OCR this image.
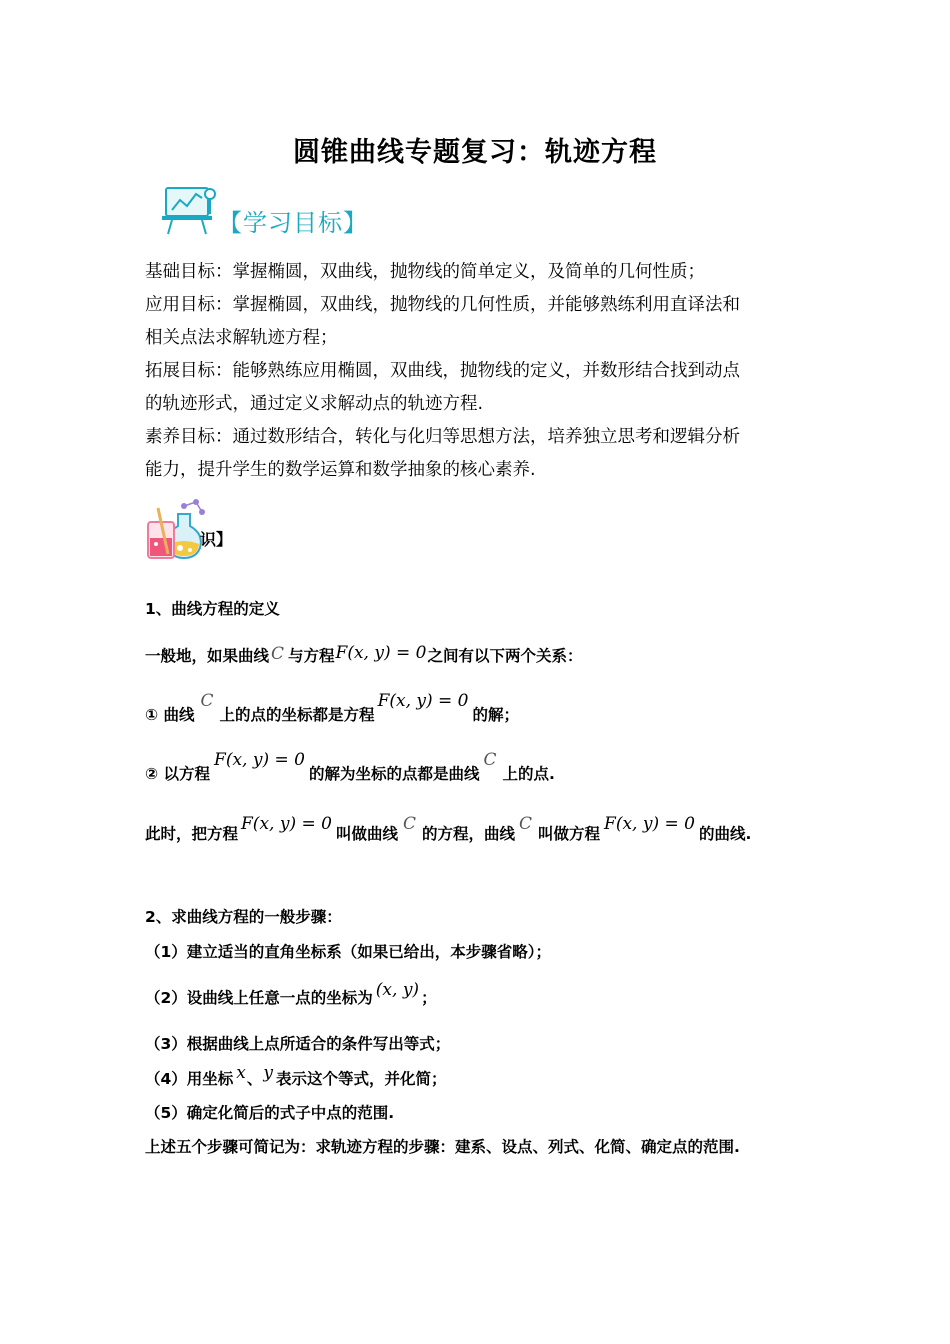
圆锥曲线专题复习：轨迹方程
【学习目标】
基础目标：掌握椭圆，双曲线，抛物线的简单定义，及简单的几何性质；
应用目标：掌握椭圆，双曲线，抛物线的几何性质，并能够熟练利用直译法和
相关点法求解轨迹方程；
拓展目标：能够熟练应用椭圆，双曲线，抛物线的定义，并数形结合找到动点
的轨迹形式，通过定义求解动点的轨迹方程.
素养目标：通过数形结合，转化与化归等思想方法，培养独立思考和逻辑分析
能力，提升学生的数学运算和数学抽象的核心素养.
识】
1、曲线方程的定义
一般地，如果曲线 C 与方程F(x, y) = 0之间有以下两个关系：
① 曲线C上的点的坐标都是方程F(x, y) = 0的解；
② 以方程F(x, y) = 0的解为坐标的点都是曲线C上的点.
此时，把方程 F(x, y) = 0 叫做曲线 C 的方程，曲线 C 叫做方程 F(x, y) = 0 的曲线.
2、求曲线方程的一般步骤：
（1）建立适当的直角坐标系（如果已给出，本步骤省略）；
（2）设曲线上任意一点的坐标为 (x, y) ；
（3）根据曲线上点所适合的条件写出等式；
（4）用坐标 x、y 表示这个等式，并化简；
（5）确定化简后的式子中点的范围.
上述五个步骤可简记为：求轨迹方程的步骤：建系、设点、列式、化简、确定点的范围.
